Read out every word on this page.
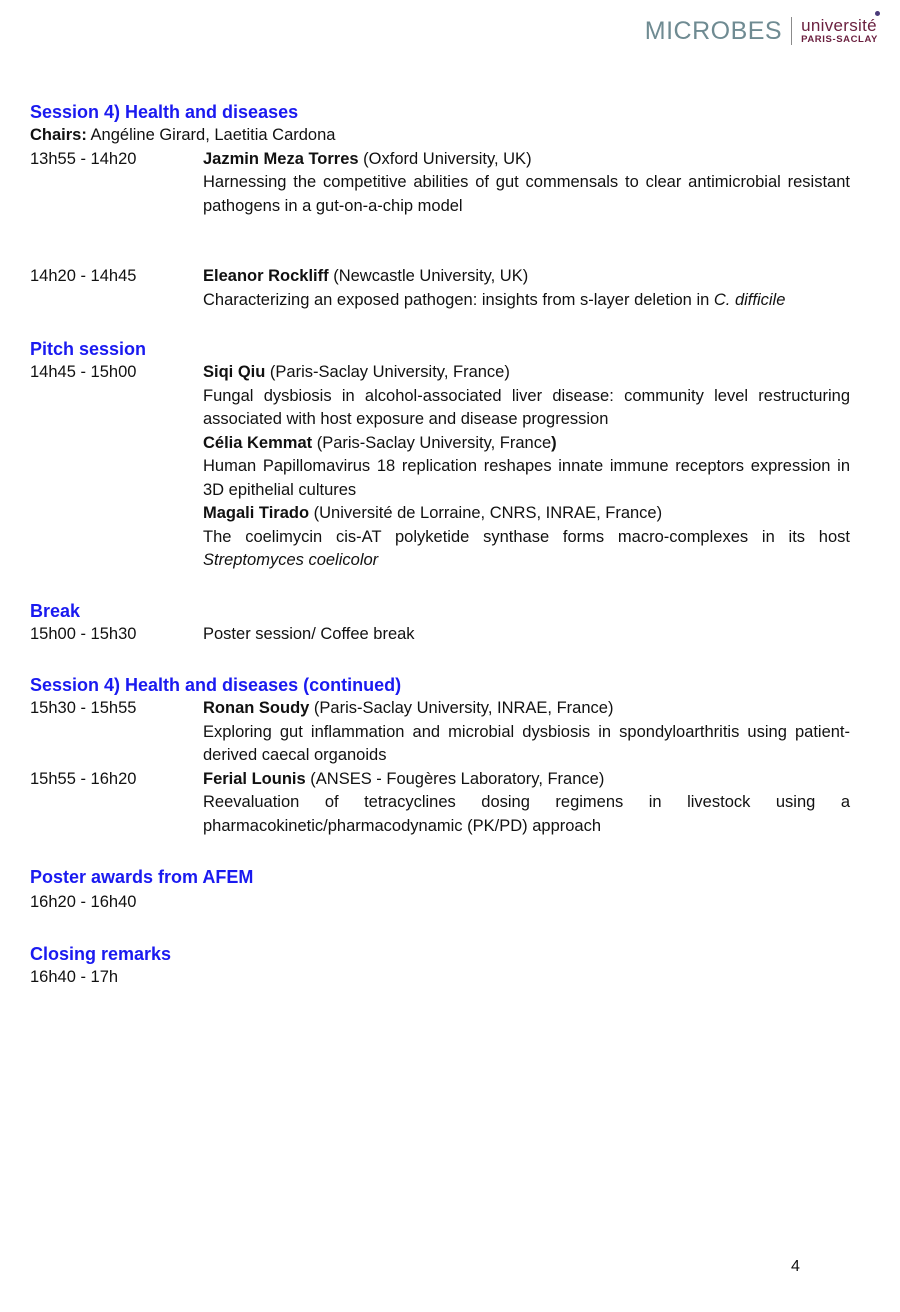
MICROBES université
PARIS-SACLAY
Session 4) Health and diseases
Chairs: Angéline Girard, Laetitia Cardona
13h55 - 14h20	Jazmin Meza Torres (Oxford University, UK)
Harnessing the competitive abilities of gut commensals to clear antimicrobial resistant pathogens in a gut-on-a-chip model
14h20 - 14h45	Eleanor Rockliff (Newcastle University, UK)
Characterizing an exposed pathogen: insights from s-layer deletion in C. difficile
Pitch session
14h45 - 15h00	Siqi Qiu (Paris-Saclay University, France)
Fungal dysbiosis in alcohol-associated liver disease: community level restructuring associated with host exposure and disease progression
Célia Kemmat (Paris-Saclay University, France)
Human Papillomavirus 18 replication reshapes innate immune receptors expression in 3D epithelial cultures
Magali Tirado (Université de Lorraine, CNRS, INRAE, France)
The coelimycin cis-AT polyketide synthase forms macro-complexes in its host Streptomyces coelicolor
Break
15h00 - 15h30	Poster session/ Coffee break
Session 4) Health and diseases (continued)
15h30 - 15h55	Ronan Soudy (Paris-Saclay University, INRAE, France)
Exploring gut inflammation and microbial dysbiosis in spondyloarthritis using patient-derived caecal organoids
15h55 - 16h20	Ferial Lounis (ANSES - Fougères Laboratory, France)
Reevaluation of tetracyclines dosing regimens in livestock using a pharmacokinetic/pharmacodynamic (PK/PD) approach
Poster awards from AFEM
16h20 - 16h40
Closing remarks
16h40 - 17h
4
